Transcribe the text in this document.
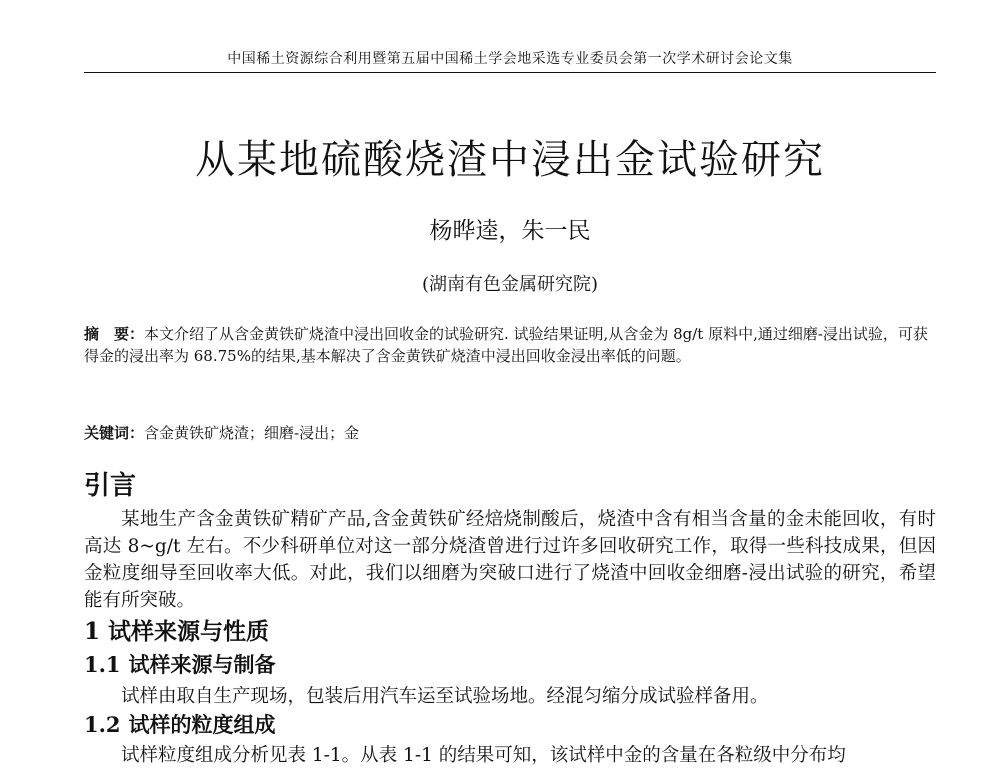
中国稀土资源综合利用暨第五届中国稀土学会地采选专业委员会第一次学术研讨会论文集
从某地硫酸烧渣中浸出金试验研究
杨晔逵，朱一民
(湖南有色金属研究院)
摘　要：本文介绍了从含金黄铁矿烧渣中浸出回收金的试验研究. 试验结果证明,从含金为 8g/t 原料中,通过细磨-浸出试验，可获得金的浸出率为 68.75%的结果,基本解决了含金黄铁矿烧渣中浸出回收金浸出率低的问题。
关键词：含金黄铁矿烧渣；细磨-浸出；金
引言
某地生产含金黄铁矿精矿产品,含金黄铁矿经焙烧制酸后，烧渣中含有相当含量的金未能回收，有时高达 8~g/t 左右。不少科研单位对这一部分烧渣曾进行过许多回收研究工作，取得一些科技成果，但因金粒度细导至回收率大低。对此，我们以细磨为突破口进行了烧渣中回收金细磨-浸出试验的研究，希望能有所突破。
1 试样来源与性质
1.1 试样来源与制备
试样由取自生产现场，包装后用汽车运至试验场地。经混匀缩分成试验样备用。
1.2 试样的粒度组成
试样粒度组成分析见表 1-1。从表 1-1 的结果可知，该试样中金的含量在各粒级中分布均
